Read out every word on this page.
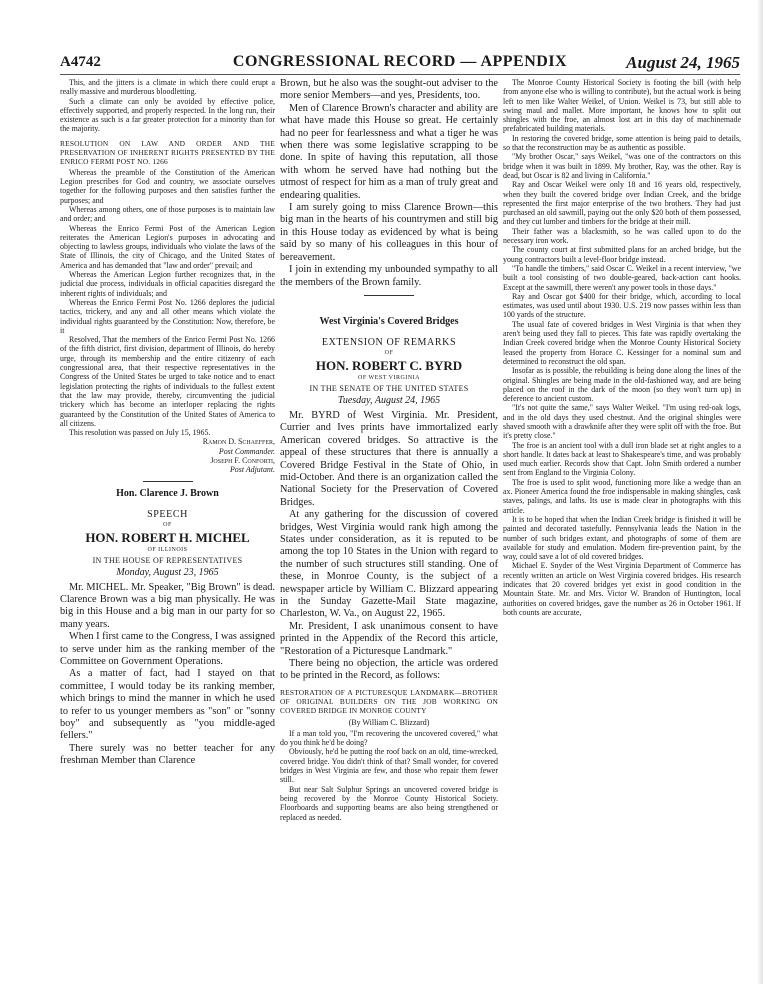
A4742	CONGRESSIONAL RECORD — APPENDIX	August 24, 1965

This, and the jitters is a climate in which there could erupt a really massive and murderous bloodletting.

Such a climate can only be avoided by effective police, effectively supported, and properly respected. In the long run, their existence as such is a far greater protection for a minority than for the majority.

RESOLUTION ON LAW AND ORDER AND THE PRESERVATION OF INHERENT RIGHTS PRESENTED BY THE ENRICO FERMI POST NO. 1266

Whereas the preamble of the Constitution of the American Legion prescribes for God and country, we associate ourselves together for the following purposes and then satisfies further the purposes; and

Whereas among others, one of those purposes is to maintain law and order; and

Whereas the Enrico Fermi Post of the American Legion reiterates the American Legion's purposes in advocating and objecting to lawless groups, individuals who violate the laws of the State of Illinois, the city of Chicago, and the United States of America and has demanded that "law and order" prevail; and

Whereas the American Legion further recognizes that, in the judicial due process, individuals in official capacities disregard the inherent rights of individuals; and

Whereas the Enrico Fermi Post No. 1266 deplores the judicial tactics, trickery, and any and all other means which violate the individual rights guaranteed by the Constitution: Now, therefore, be it

Resolved, That the members of the Enrico Fermi Post No. 1266 of the fifth district, first division, department of Illinois, do hereby urge, through its membership and the entire citizenry of each congressional area, that their respective representatives in the Congress of the United States be urged to take notice and to enact legislation protecting the rights of individuals to the fullest extent that the law may provide, thereby, circumventing the judicial trickery which has become an interloper replacing the rights guaranteed by the Constitution of the United States of America to all citizens.

This resolution was passed on July 15, 1965.

Ramon D. Schaeffer,

Post Commander.

Joseph F. Conforti,

Post Adjutant.

Hon. Clarence J. Brown

SPEECH

OF

HON. ROBERT H. MICHEL

OF ILLINOIS

IN THE HOUSE OF REPRESENTATIVES

Monday, August 23, 1965

Mr. MICHEL. Mr. Speaker, "Big Brown" is dead. Clarence Brown was a big man physically. He was big in this House and a big man in our party for so many years.

When I first came to the Congress, I was assigned to serve under him as the ranking member of the Committee on Government Operations.

As a matter of fact, had I stayed on that committee, I would today be its ranking member, which brings to mind the manner in which he used to refer to us younger members as "son" or "sonny boy" and subsequently as "you middle-aged fellers."

There surely was no better teacher for any freshman Member than Clarence

Brown, but he also was the sought-out adviser to the more senior Members—and yes, Presidents, too.

Men of Clarence Brown's character and ability are what have made this House so great. He certainly had no peer for fearlessness and what a tiger he was when there was some legislative scrapping to be done. In spite of having this reputation, all those with whom he served have had nothing but the utmost of respect for him as a man of truly great and endearing qualities.

I am surely going to miss Clarence Brown—this big man in the hearts of his countrymen and still big in this House today as evidenced by what is being said by so many of his colleagues in this hour of bereavement.

I join in extending my unbounded sympathy to all the members of the Brown family.

West Virginia's Covered Bridges

EXTENSION OF REMARKS

OF

HON. ROBERT C. BYRD

OF WEST VIRGINIA

IN THE SENATE OF THE UNITED STATES

Tuesday, August 24, 1965

Mr. BYRD of West Virginia. Mr. President, Currier and Ives prints have immortalized early American covered bridges. So attractive is the appeal of these structures that there is annually a Covered Bridge Festival in the State of Ohio, in mid-October. And there is an organization called the National Society for the Preservation of Covered Bridges.

At any gathering for the discussion of covered bridges, West Virginia would rank high among the States under consideration, as it is reputed to be among the top 10 States in the Union with regard to the number of such structures still standing. One of these, in Monroe County, is the subject of a newspaper article by William C. Blizzard appearing in the Sunday Gazette-Mail State magazine, Charleston, W. Va., on August 22, 1965.

Mr. President, I ask unanimous consent to have printed in the Appendix of the Record this article, "Restoration of a Picturesque Landmark."

There being no objection, the article was ordered to be printed in the Record, as follows:

RESTORATION OF A PICTURESQUE LANDMARK—BROTHER OF ORIGINAL BUILDERS ON THE JOB WORKING ON COVERED BRIDGE IN MONROE COUNTY

(By William C. Blizzard)

If a man told you, "I'm recovering the uncovered covered," what do you think he'd be doing?

Obviously, he'd be putting the roof back on an old, time-wrecked, covered bridge. You didn't think of that? Small wonder, for covered bridges in West Virginia are few, and those who repair them fewer still.

But near Salt Sulphur Springs an uncovered covered bridge is being recovered by the Monroe County Historical Society. Floorboards and supporting beams are also being strengthened or replaced as needed.

The Monroe County Historical Society is footing the bill (with help from anyone else who is willing to contribute), but the actual work is being left to men like Walter Weikel, of Union. Weikel is 73, but still able to swing maul and mallet. More important, he knows how to split out shingles with the froe, an almost lost art in this day of machinemade prefabricated building materials.

In restoring the covered bridge, some attention is being paid to details, so that the reconstruction may be as authentic as possible.

"My brother Oscar," says Weikel, "was one of the contractors on this bridge when it was built in 1899. My brother, Ray, was the other. Ray is dead, but Oscar is 82 and living in California."

Ray and Oscar Weikel were only 18 and 16 years old, respectively, when they built the covered bridge over Indian Creek, and the bridge represented the first major enterprise of the two brothers. They had just purchased an old sawmill, paying out the only $20 both of them possessed, and they cut lumber and timbers for the bridge at their mill.

Their father was a blacksmith, so he was called upon to do the necessary iron work.

The county court at first submitted plans for an arched bridge, but the young contractors built a level-floor bridge instead.

"To handle the timbers," said Oscar C. Weikel in a recent interview, "we built a tool consisting of two double-geared, back-action cant hooks. Except at the sawmill, there weren't any power tools in those days."

Ray and Oscar got $400 for their bridge, which, according to local estimates, was used until about 1930. U.S. 219 now passes within less than 100 yards of the structure.

The usual fate of covered bridges in West Virginia is that when they aren't being used they fall to pieces. This fate was rapidly overtaking the Indian Creek covered bridge when the Monroe County Historical Society leased the property from Horace C. Kessinger for a nominal sum and determined to reconstruct the old span.

Insofar as is possible, the rebuilding is being done along the lines of the original. Shingles are being made in the old-fashioned way, and are being placed on the roof in the dark of the moon (so they won't turn up) in deference to ancient custom.

"It's not quite the same," says Walter Weikel. "I'm using red-oak logs, and in the old days they used chestnut. And the original shingles were shaved smooth with a drawknife after they were split off with the froe. But it's pretty close."

The froe is an ancient tool with a dull iron blade set at right angles to a short handle. It dates back at least to Shakespeare's time, and was probably used much earlier. Records show that Capt. John Smith ordered a number sent from England to the Virginia Colony.

The froe is used to split wood, functioning more like a wedge than an ax. Pioneer America found the froe indispensable in making shingles, cask staves, palings, and laths. Its use is made clear in photographs with this article.

It is to be hoped that when the Indian Creek bridge is finished it will be painted and decorated tastefully. Pennsylvania leads the Nation in the number of such bridges extant, and photographs of some of them are available for study and emulation. Modern fire-prevention paint, by the way, could save a lot of old covered bridges.

Michael E. Snyder of the West Virginia Department of Commerce has recently written an article on West Virginia covered bridges. His research indicates that 20 covered bridges yet exist in good condition in the Mountain State. Mr. and Mrs. Victor W. Brandon of Huntington, local authorities on covered bridges, gave the number as 26 in October 1961. If both counts are accurate,
